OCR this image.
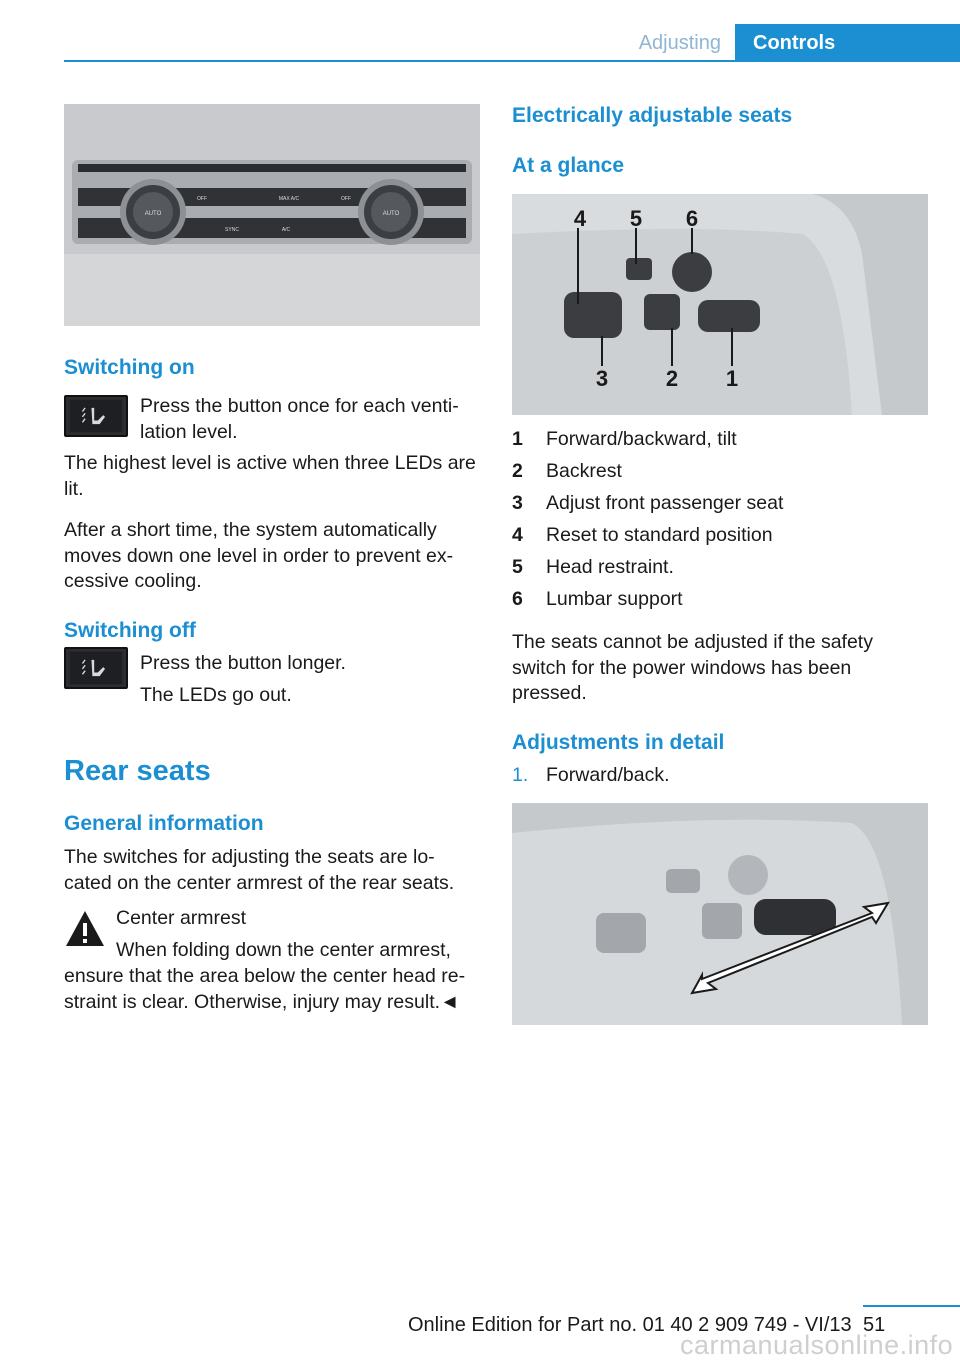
Adjusting	Controls
AUTO
OFF	MAX A/C	OFF
AUTO
SYNC	A/C
Switching on
Press the button once for each venti-lation level.
The highest level is active when three LEDs are lit.
After a short time, the system automatically moves down one level in order to prevent ex-cessive cooling.
Switching off
Press the button longer.
The LEDs go out.
Rear seats
General information
The switches for adjusting the seats are lo-cated on the center armrest of the rear seats.
Center armrest
When folding down the center armrest,
ensure that the area below the center head re-straint is clear. Otherwise, injury may result.◄
Electrically adjustable seats
At a glance
4 5 6
3	2 1
1	Forward/backward, tilt
2	Backrest
3	Adjust front passenger seat
4	Reset to standard position
5	Head restraint.
6	Lumbar support
The seats cannot be adjusted if the safety switch for the power windows has been pressed.
Adjustments in detail
1. Forward/back.
Online Edition for Part no. 01 40 2 909 749 - VI/13 51
carmanualsonline.info
